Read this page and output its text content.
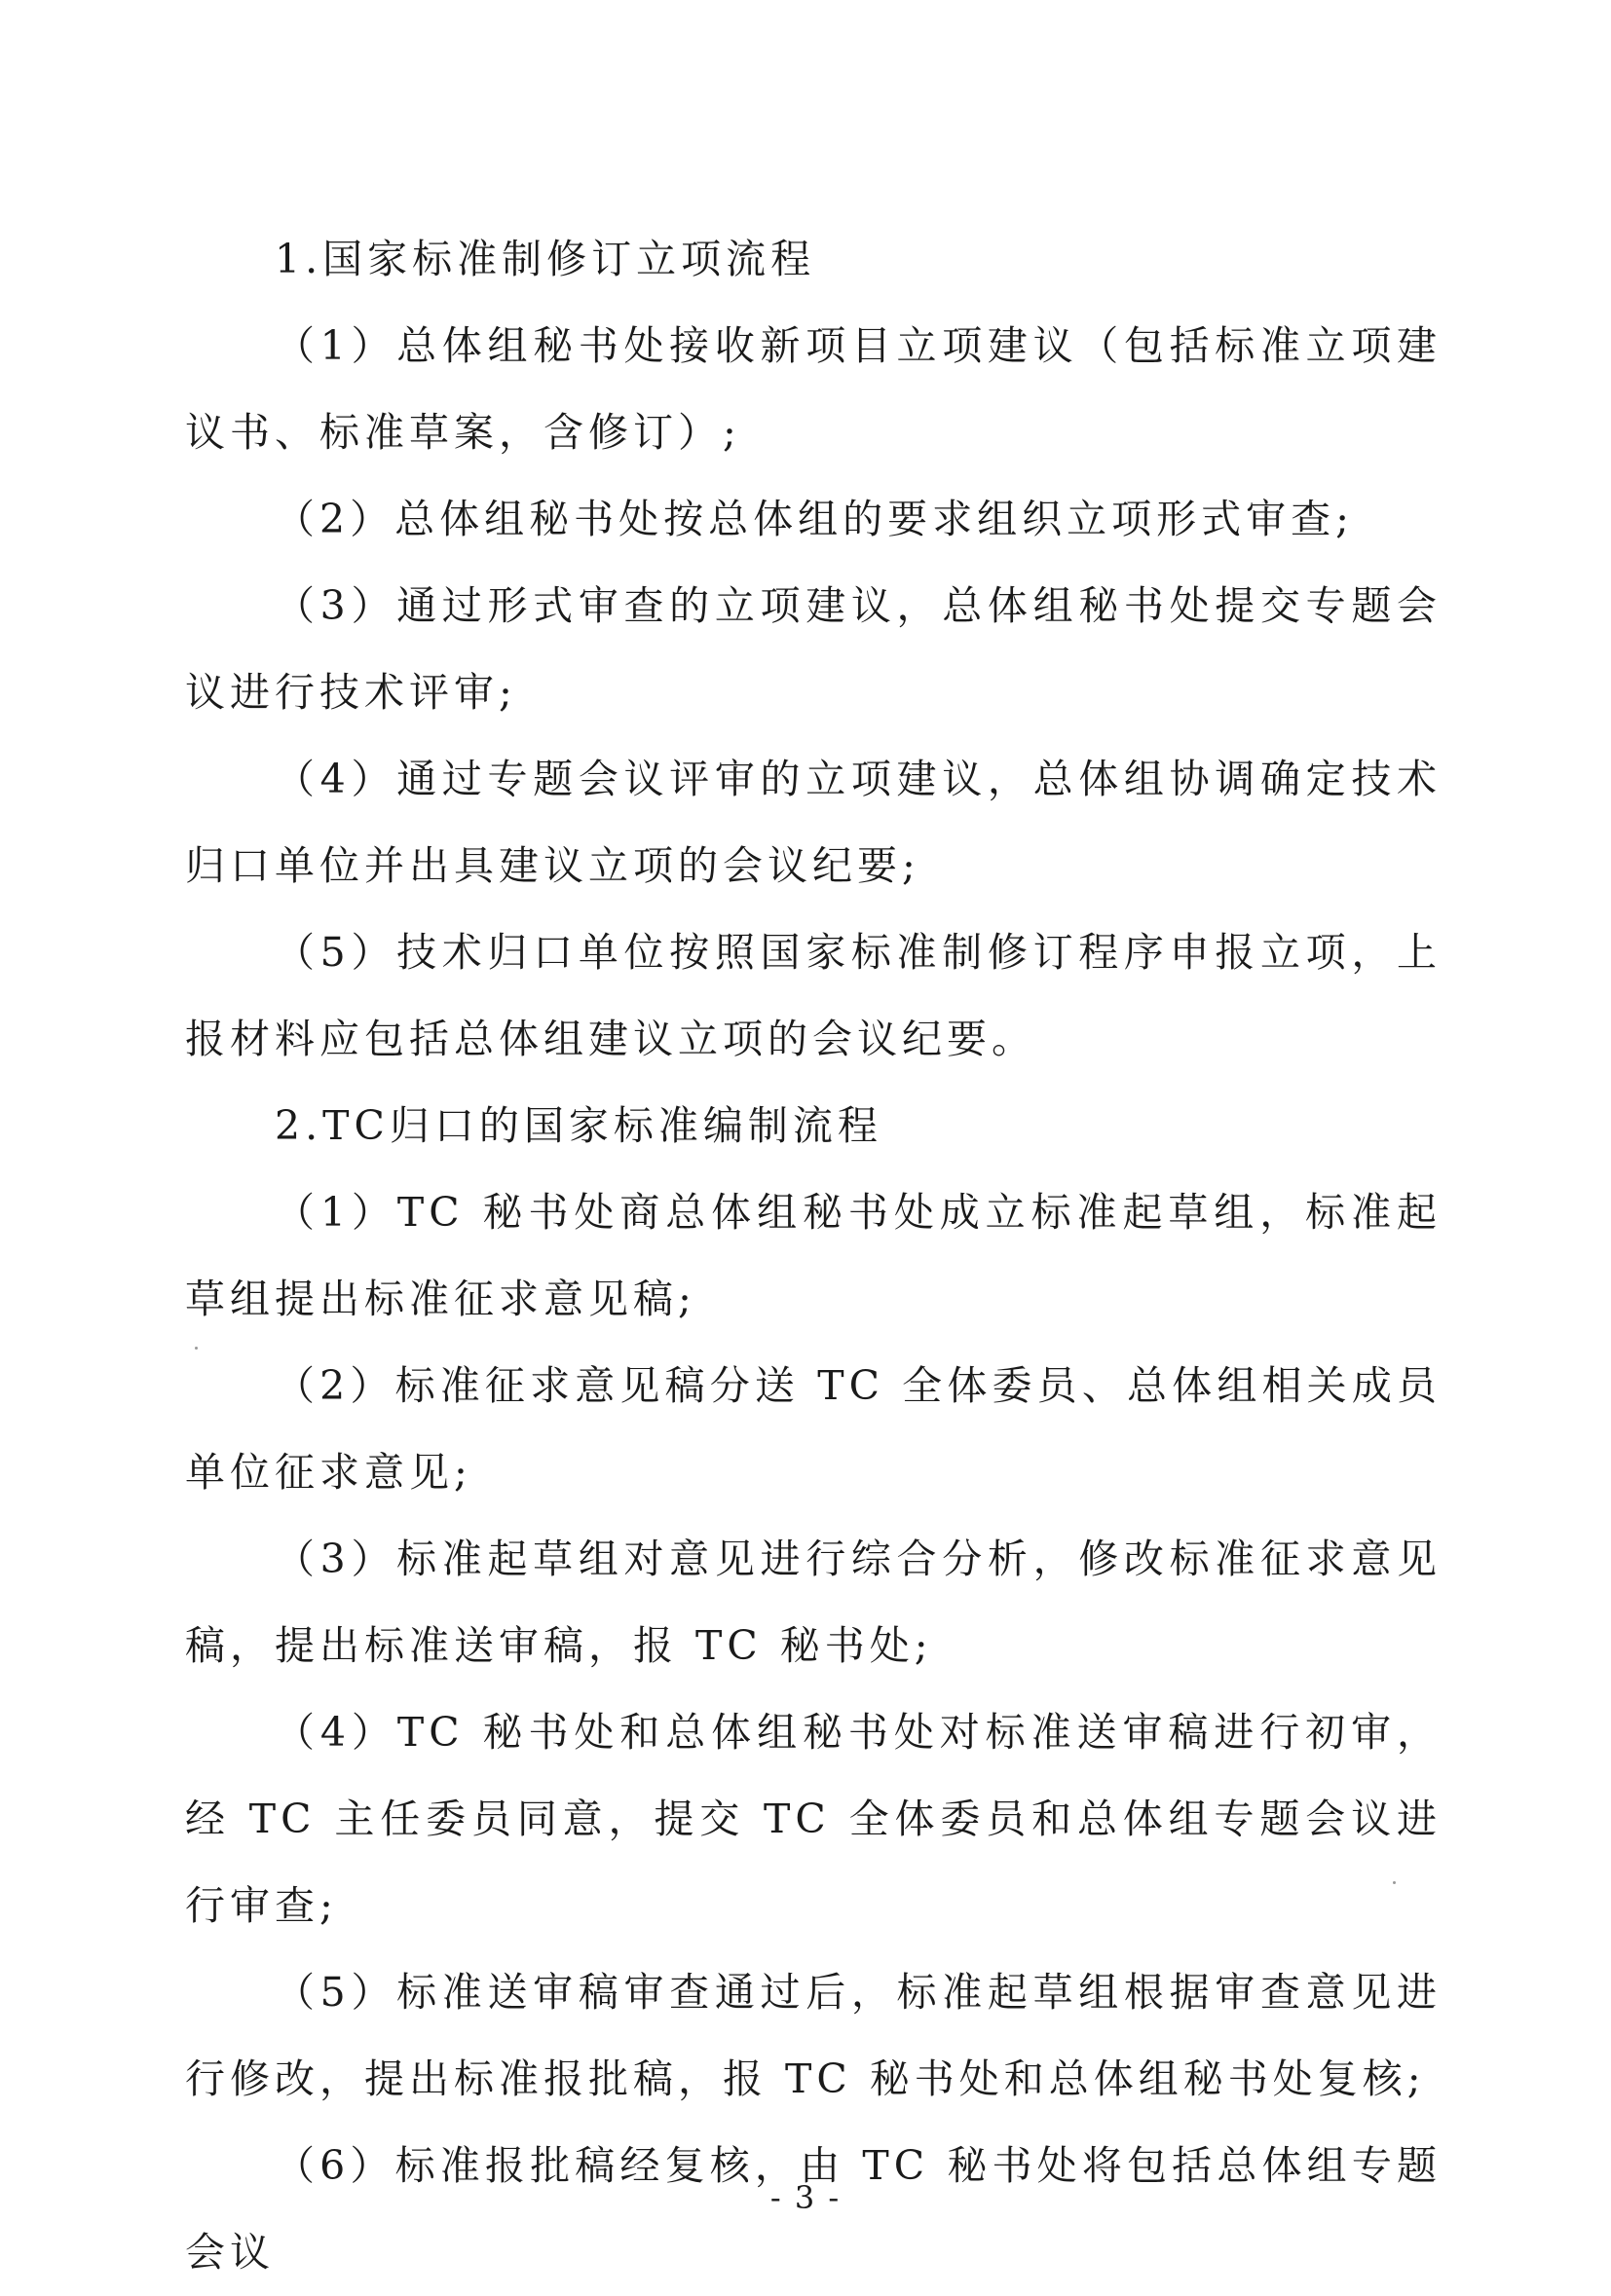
1.国家标准制修订立项流程

（1）总体组秘书处接收新项目立项建议（包括标准立项建议书、标准草案，含修订）;

（2）总体组秘书处按总体组的要求组织立项形式审查;

（3）通过形式审查的立项建议，总体组秘书处提交专题会议进行技术评审;

（4）通过专题会议评审的立项建议，总体组协调确定技术归口单位并出具建议立项的会议纪要;

（5）技术归口单位按照国家标准制修订程序申报立项，上报材料应包括总体组建议立项的会议纪要。

2.TC归口的国家标准编制流程

（1）TC 秘书处商总体组秘书处成立标准起草组，标准起草组提出标准征求意见稿;

（2）标准征求意见稿分送 TC 全体委员、总体组相关成员单位征求意见;

（3）标准起草组对意见进行综合分析，修改标准征求意见稿，提出标准送审稿，报 TC 秘书处;

（4）TC 秘书处和总体组秘书处对标准送审稿进行初审，经 TC 主任委员同意，提交 TC 全体委员和总体组专题会议进行审查;

（5）标准送审稿审查通过后，标准起草组根据审查意见进行修改，提出标准报批稿，报 TC 秘书处和总体组秘书处复核;

（6）标准报批稿经复核，由 TC 秘书处将包括总体组专题会议

- 3 -
